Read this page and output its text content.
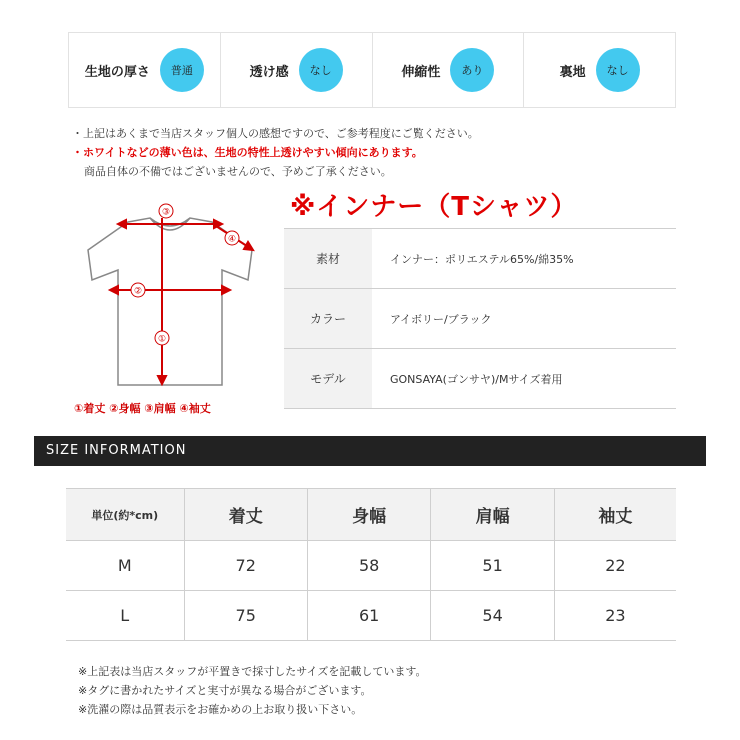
生地の厚さ	普通	透け感	なし	伸縮性	あり	裏地	なし
・上記はあくまで当店スタッフ個人の感想ですので、ご参考程度にご覧ください。
・ホワイトなどの薄い色は、生地の特性上透けやすい傾向にあります。
商品自体の不備ではございませんので、予めご了承ください。
※インナー（Tシャツ）
③
④
②
①
①着丈 ②身幅 ③肩幅 ④袖丈
素材	インナー：ポリエステル65%/綿35%
カラー	アイボリー/ブラック
モデル	GONSAYA(ゴンサヤ)/Mサイズ着用
SIZE INFORMATION
単位(約*cm)	着丈	身幅	肩幅	袖丈
M	72	58	51	22
L	75	61	54	23
※上記表は当店スタッフが平置きで採寸したサイズを記載しています。
※タグに書かれたサイズと実寸が異なる場合がございます。
※洗濯の際は品質表示をお確かめの上お取り扱い下さい。
